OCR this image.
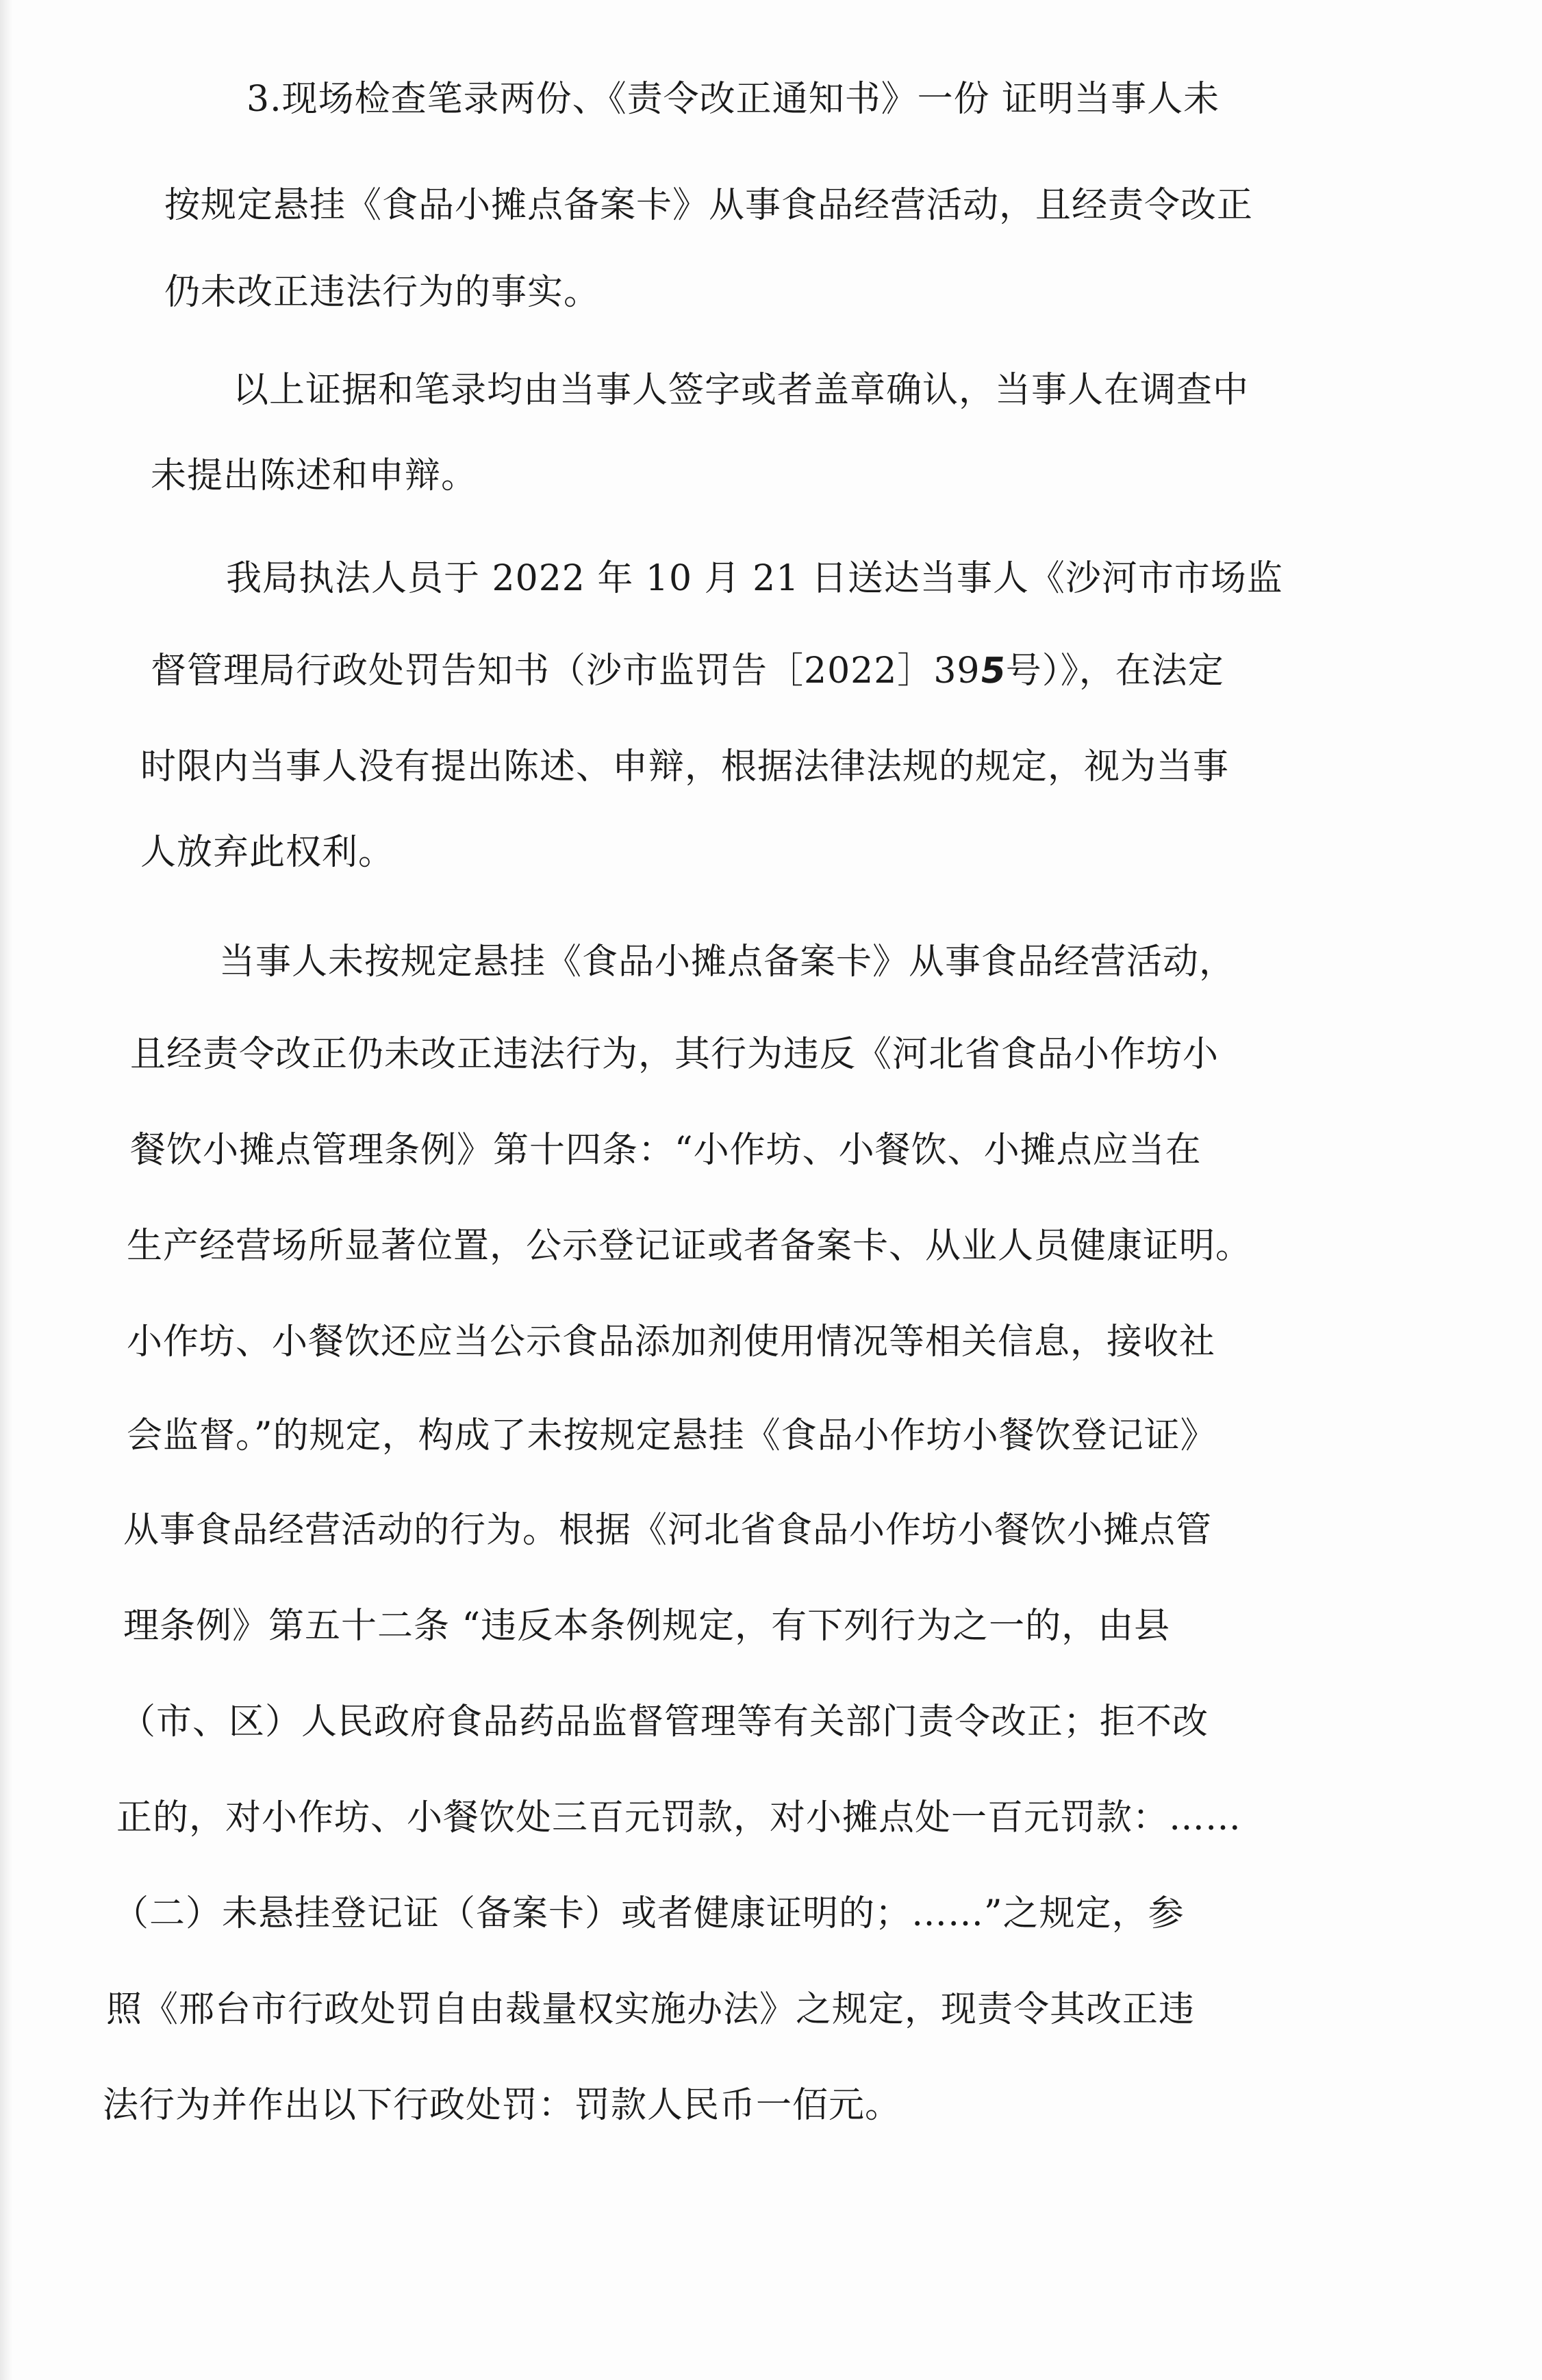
3.现场检查笔录两份、《责令改正通知书》一份 证明当事人未
按规定悬挂《食品小摊点备案卡》从事食品经营活动，且经责令改正
仍未改正违法行为的事实。
以上证据和笔录均由当事人签字或者盖章确认，当事人在调查中
未提出陈述和申辩。
我局执法人员于 2022 年 10 月 21 日送达当事人《沙河市市场监
督管理局行政处罚告知书（沙市监罚告［2022］395号）》，在法定
时限内当事人没有提出陈述、申辩，根据法律法规的规定，视为当事
人放弃此权利。
当事人未按规定悬挂《食品小摊点备案卡》从事食品经营活动，
且经责令改正仍未改正违法行为，其行为违反《河北省食品小作坊小
餐饮小摊点管理条例》第十四条：“小作坊、小餐饮、小摊点应当在
生产经营场所显著位置，公示登记证或者备案卡、从业人员健康证明。
小作坊、小餐饮还应当公示食品添加剂使用情况等相关信息，接收社
会监督。”的规定，构成了未按规定悬挂《食品小作坊小餐饮登记证》
从事食品经营活动的行为。根据《河北省食品小作坊小餐饮小摊点管
理条例》第五十二条 “违反本条例规定，有下列行为之一的，由县
（市、区）人民政府食品药品监督管理等有关部门责令改正；拒不改
正的，对小作坊、小餐饮处三百元罚款，对小摊点处一百元罚款：……
（二）未悬挂登记证（备案卡）或者健康证明的；……”之规定，参
照《邢台市行政处罚自由裁量权实施办法》之规定，现责令其改正违
法行为并作出以下行政处罚：罚款人民币一佰元。
